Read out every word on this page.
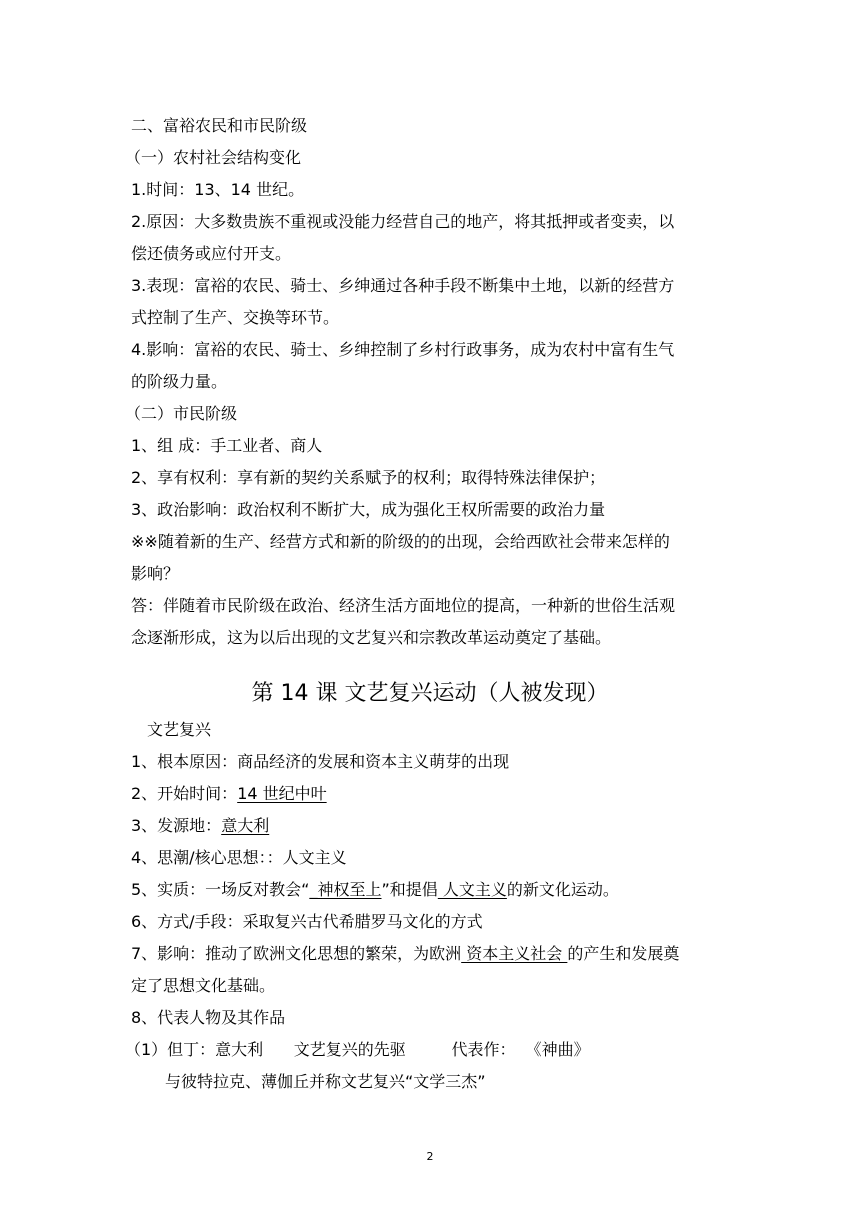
二、富裕农民和市民阶级
（一）农村社会结构变化
1.时间：13、14 世纪。
2.原因：大多数贵族不重视或没能力经营自己的地产，将其抵押或者变卖，以
偿还债务或应付开支。
3.表现：富裕的农民、骑士、乡绅通过各种手段不断集中土地，以新的经营方
式控制了生产、交换等环节。
4.影响：富裕的农民、骑士、乡绅控制了乡村行政事务，成为农村中富有生气
的阶级力量。
（二）市民阶级
1、组 成：手工业者、商人
2、享有权利：享有新的契约关系赋予的权利；取得特殊法律保护；
3、政治影响：政治权利不断扩大，成为强化王权所需要的政治力量
※※随着新的生产、经营方式和新的阶级的的出现，会给西欧社会带来怎样的
影响？
答：伴随着市民阶级在政治、经济生活方面地位的提高，一种新的世俗生活观
念逐渐形成，这为以后出现的文艺复兴和宗教改革运动奠定了基础。
第 14 课 文艺复兴运动（人被发现）
文艺复兴
1、根本原因：商品经济的发展和资本主义萌芽的出现
2、开始时间：14 世纪中叶
3、发源地：意大利
4、思潮/核心思想：：人文主义
5、实质：一场反对教会“_神权至上”和提倡 人文主义的新文化运动。
6、方式/手段：采取复兴古代希腊罗马文化的方式
7、影响：推动了欧洲文化思想的繁荣，为欧洲 资本主义社会 的产生和发展奠
定了思想文化基础。
8、代表人物及其作品
（1）但丁：意大利      文艺复兴的先驱         代表作：  《神曲》
与彼特拉克、薄伽丘并称文艺复兴“文学三杰”
2
